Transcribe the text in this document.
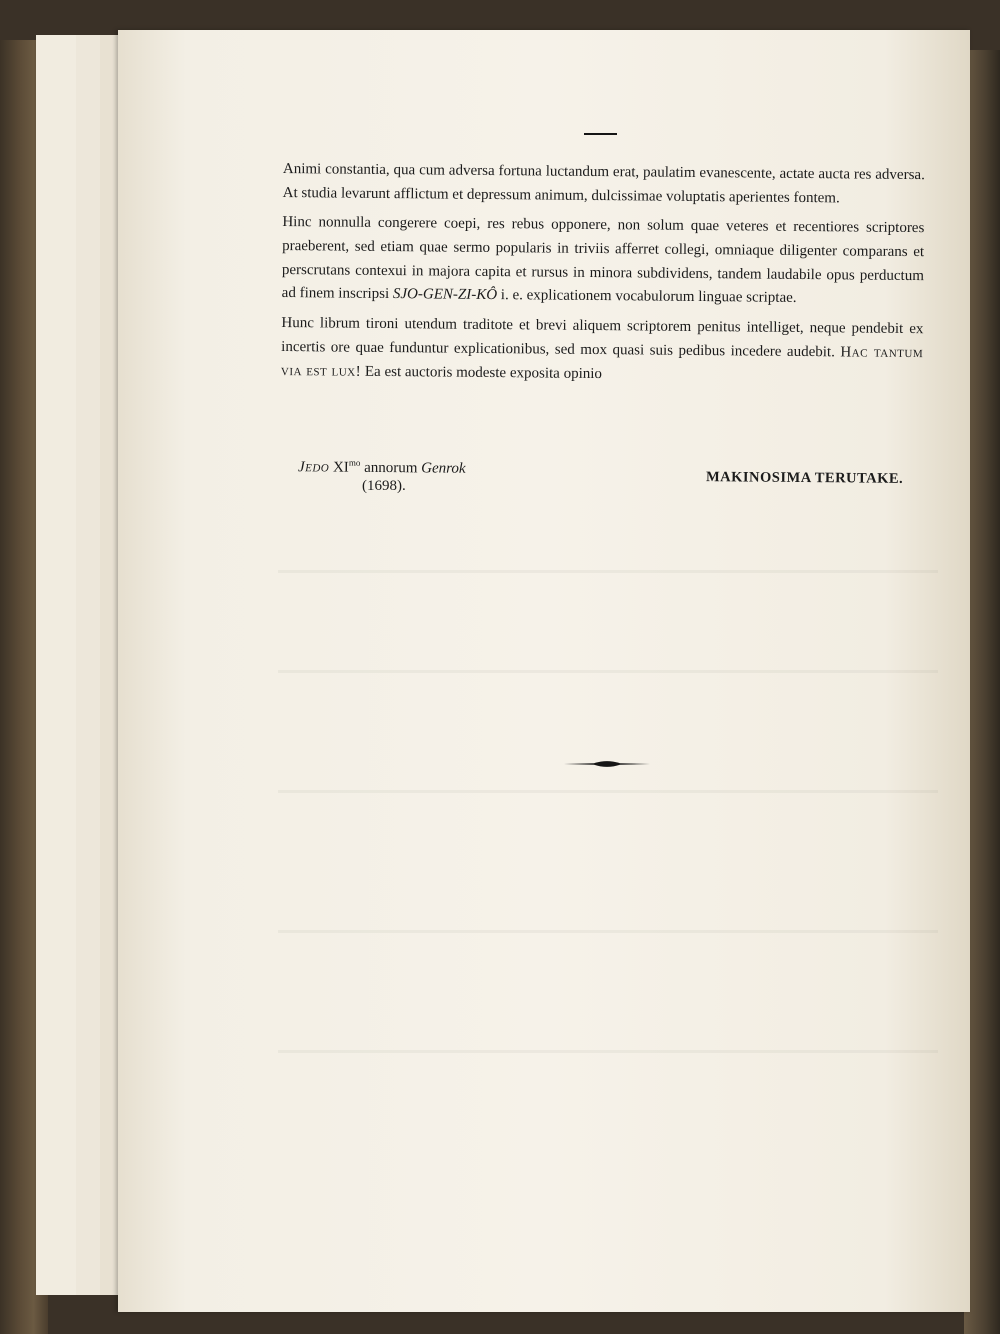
Animi constantia, qua cum adversa fortuna luctandum erat, paulatim evanescente, actate aucta res adversa. At studia levarunt afflictum et depressum animum, dulcissimae voluptatis aperientes fontem.

Hinc nonnulla congerere coepi, res rebus opponere, non solum quae veteres et recentiores scriptores praeberent, sed etiam quae sermo popularis in triviis afferret collegi, omniaque diligenter comparans et perscrutans contexui in majora capita et rursus in minora subdividens, tandem laudabile opus perductum ad finem inscripsi SJO-GEN-ZI-KÔ i. e. explicationem vocabulorum linguae scriptae.

Hunc librum tironi utendum traditote et brevi aliquem scriptorem penitus intelliget, neque pendebit ex incertis ore quae funduntur explicationibus, sed mox quasi suis pedibus incedere audebit. Hac tantum via est lux! Ea est auctoris modeste exposita opinio

Jedo $XI^{mo}$ annorum Genrok
(1698).	MAKINOSIMA TERUTAKE.
